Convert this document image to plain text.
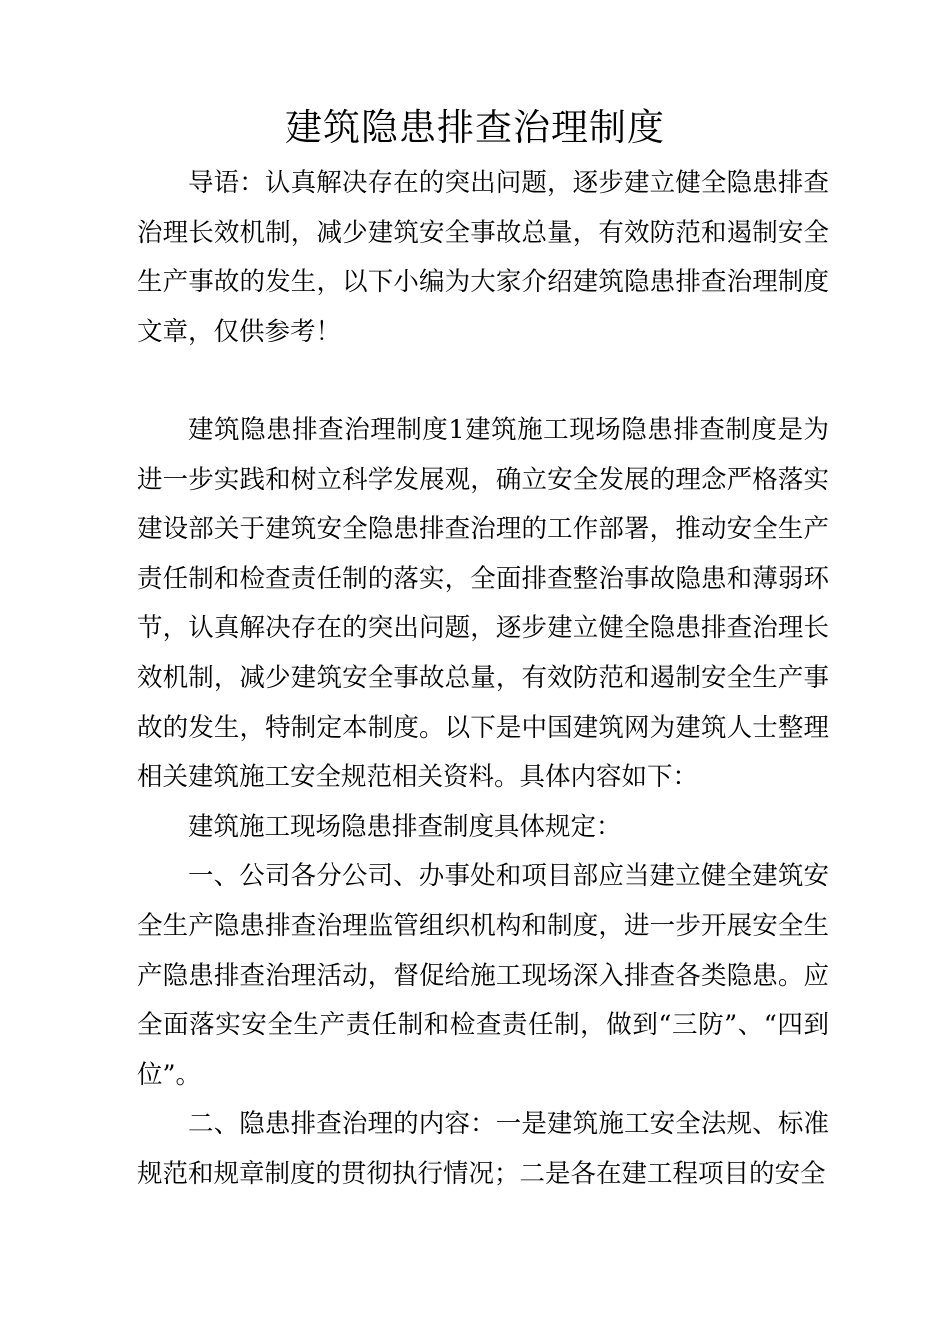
建筑隐患排查治理制度

导语：认真解决存在的突出问题，逐步建立健全隐患排查治理长效机制，减少建筑安全事故总量，有效防范和遏制安全生产事故的发生，以下小编为大家介绍建筑隐患排查治理制度文章，仅供参考！

建筑隐患排查治理制度1建筑施工现场隐患排查制度是为进一步实践和树立科学发展观，确立安全发展的理念严格落实建设部关于建筑安全隐患排查治理的工作部署，推动安全生产责任制和检查责任制的落实，全面排查整治事故隐患和薄弱环节，认真解决存在的突出问题，逐步建立健全隐患排查治理长效机制，减少建筑安全事故总量，有效防范和遏制安全生产事故的发生，特制定本制度。以下是中国建筑网为建筑人士整理相关建筑施工安全规范相关资料。具体内容如下：

建筑施工现场隐患排查制度具体规定：

一、公司各分公司、办事处和项目部应当建立健全建筑安全生产隐患排查治理监管组织机构和制度，进一步开展安全生产隐患排查治理活动，督促给施工现场深入排查各类隐患。应全面落实安全生产责任制和检查责任制，做到“三防”、“四到位”。

二、隐患排查治理的内容：一是建筑施工安全法规、标准规范和规章制度的贯彻执行情况；二是各在建工程项目的安全
